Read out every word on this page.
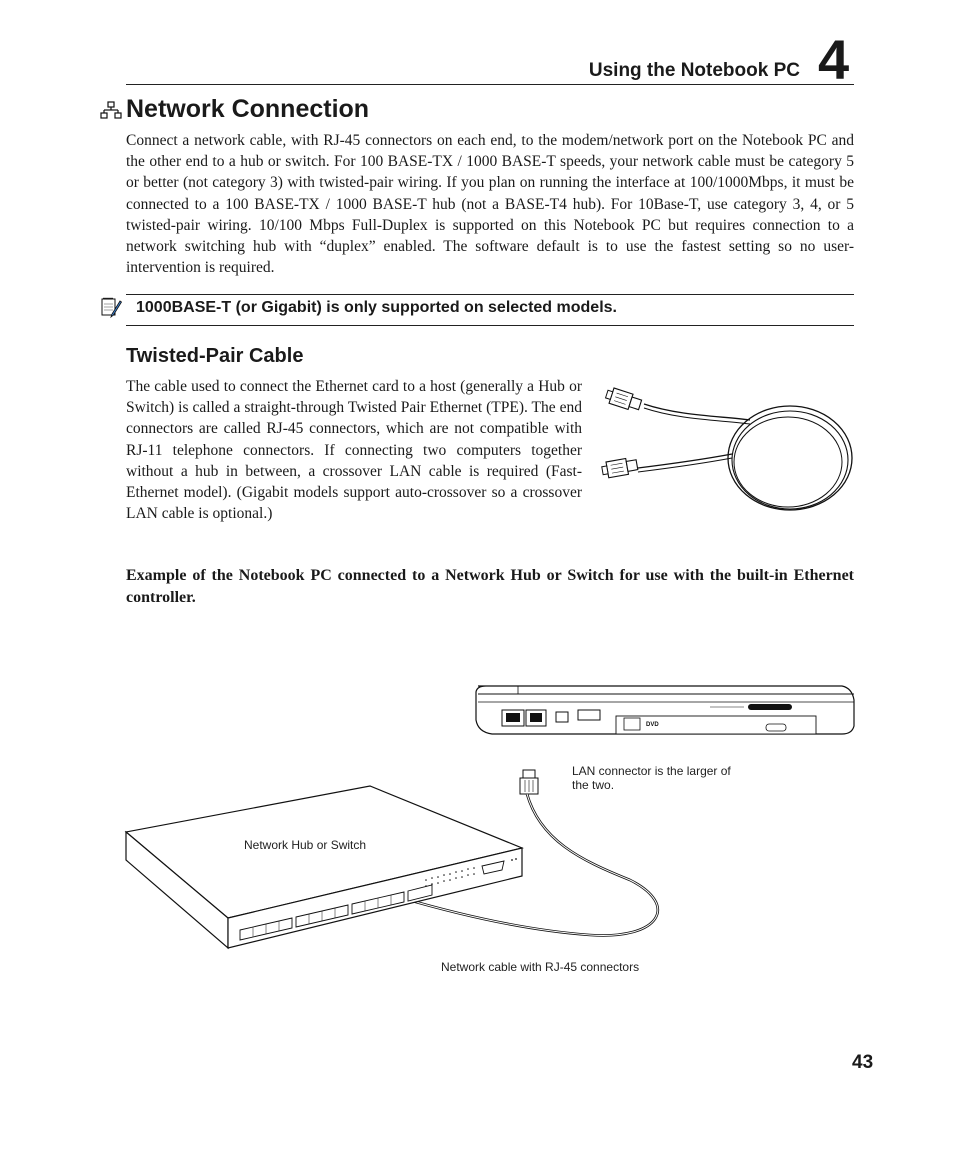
Using the Notebook PC 4
Network Connection

Connect a network cable, with RJ-45 connectors on each end, to the modem/network port on the Notebook PC and the other end to a hub or switch. For 100 BASE-TX / 1000 BASE-T speeds, your network cable must be category 5 or better (not category 3) with twisted-pair wiring. If you plan on running the interface at 100/1000Mbps, it must be connected to a 100 BASE-TX / 1000 BASE-T hub (not a BASE-T4 hub). For 10Base-T, use category 3, 4, or 5 twisted-pair wiring. 10/100 Mbps Full-Duplex is supported on this Notebook PC but requires connection to a network switching hub with “duplex” enabled. The software default is to use the fastest setting so no user-intervention is required.

1000BASE-T (or Gigabit) is only supported on selected models.
Twisted-Pair Cable

The cable used to connect the Ethernet card to a host (generally a Hub or Switch) is called a straight-through Twisted Pair Ethernet (TPE). The end connectors are called RJ-45 connectors, which are not compatible with RJ-11 telephone connectors. If connecting two computers together without a hub in between, a crossover LAN cable is required (Fast-Ethernet model). (Gigabit models support auto-crossover so a crossover LAN cable is optional.)

Example of the Notebook PC connected to a Network Hub or Switch for use with the built-in Ethernet controller.
DVD
Network Hub or Switch
LAN connector is the larger of the two.
Network cable with RJ-45 connectors
43
